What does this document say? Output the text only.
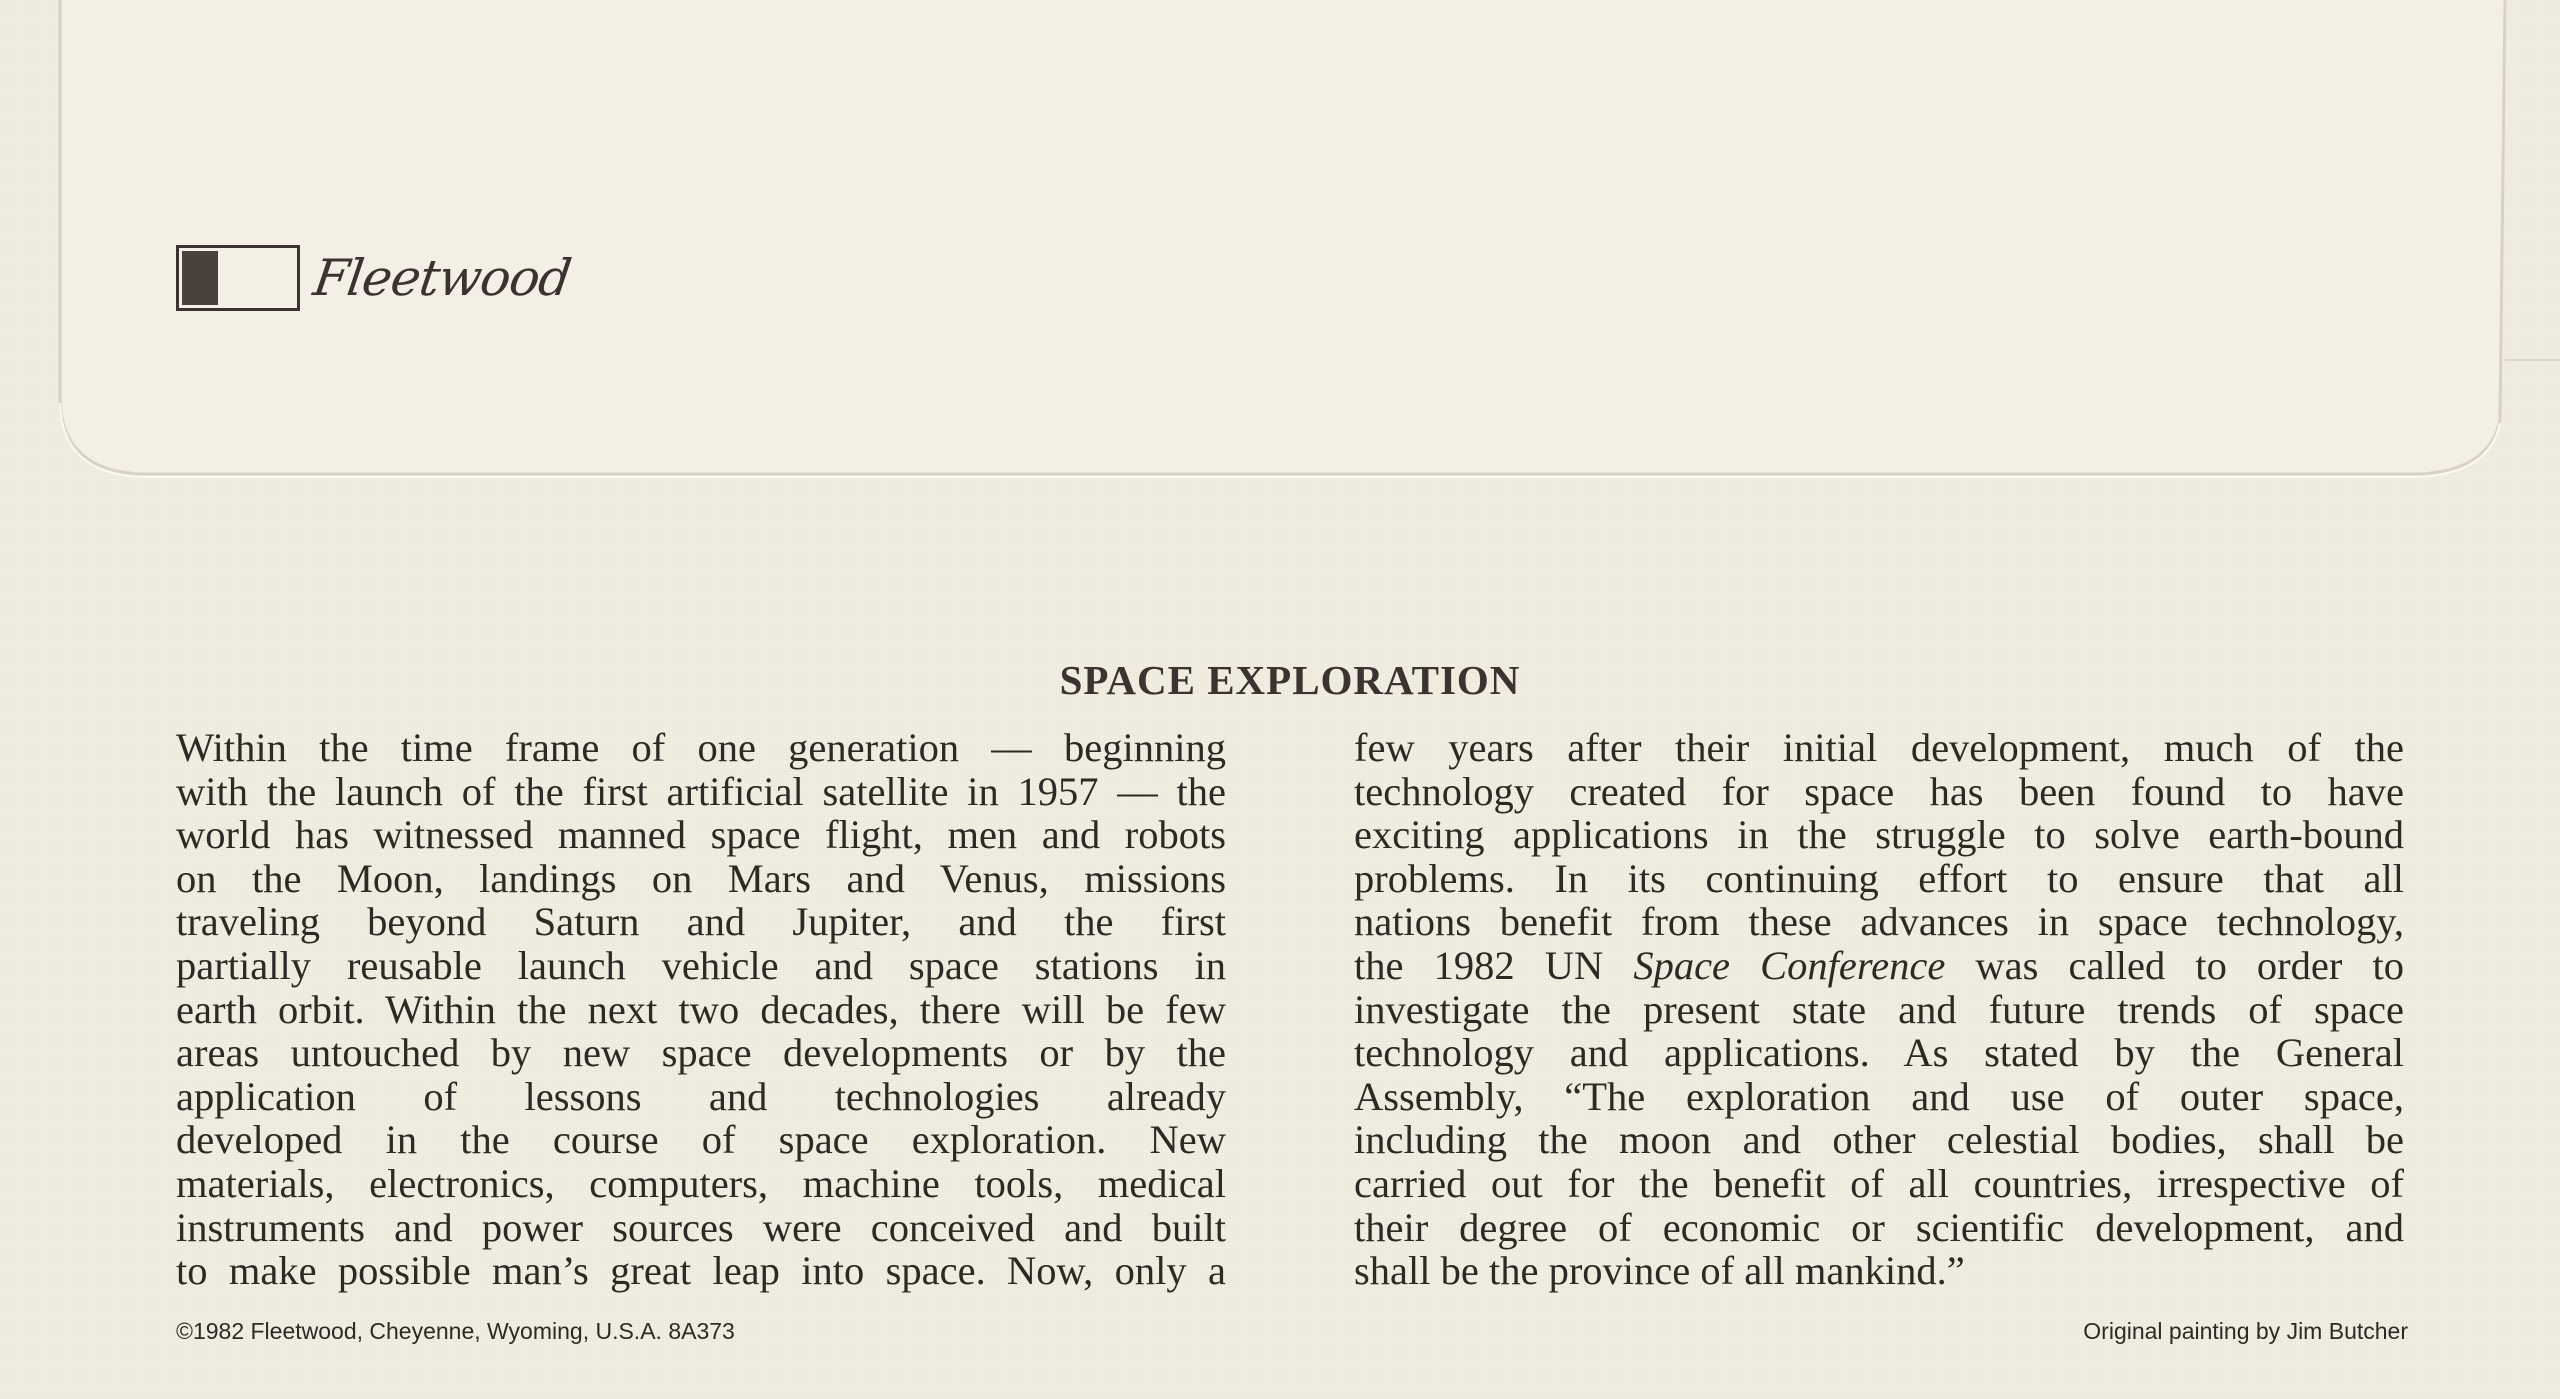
Fleetwood
SPACE EXPLORATION
Within the time frame of one generation — beginning
with the launch of the first artificial satellite in 1957 — the
world has witnessed manned space flight, men and robots
on the Moon, landings on Mars and Venus, missions
traveling beyond Saturn and Jupiter, and the first
partially reusable launch vehicle and space stations in
earth orbit. Within the next two decades, there will be few
areas untouched by new space developments or by the
application of lessons and technologies already
developed in the course of space exploration. New
materials, electronics, computers, machine tools, medical
instruments and power sources were conceived and built
to make possible man’s great leap into space. Now, only a
few years after their initial development, much of the
technology created for space has been found to have
exciting applications in the struggle to solve earth-bound
problems. In its continuing effort to ensure that all
nations benefit from these advances in space technology,
the 1982 UN Space Conference was called to order to
investigate the present state and future trends of space
technology and applications. As stated by the General
Assembly, “The exploration and use of outer space,
including the moon and other celestial bodies, shall be
carried out for the benefit of all countries, irrespective of
their degree of economic or scientific development, and
shall be the province of all mankind.”
©1982 Fleetwood, Cheyenne, Wyoming, U.S.A. 8A373	Original painting by Jim Butcher
